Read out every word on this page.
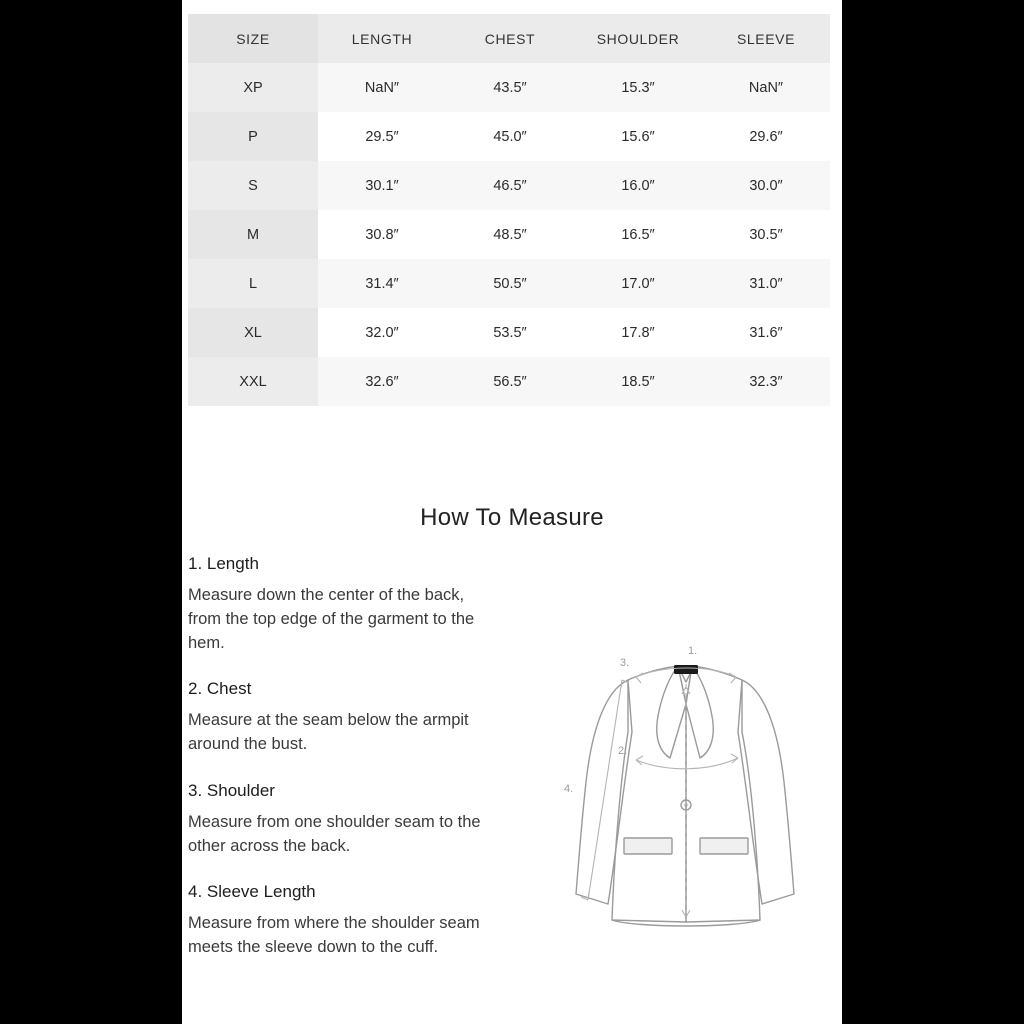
SIZE	LENGTH	CHEST	SHOULDER	SLEEVE
XP	NaN″	43.5″	15.3″	NaN″
P	29.5″	45.0″	15.6″	29.6″
S	30.1″	46.5″	16.0″	30.0″
M	30.8″	48.5″	16.5″	30.5″
L	31.4″	50.5″	17.0″	31.0″
XL	32.0″	53.5″	17.8″	31.6″
XXL	32.6″	56.5″	18.5″	32.3″
How To Measure
1. Length

Measure down the center of the back, from the top edge of the garment to the hem.

2. Chest

Measure at the seam below the armpit around the bust.

3. Shoulder

Measure from one shoulder seam to the other across the back.

4. Sleeve Length

Measure from where the shoulder seam meets the sleeve down to the cuff.

1.
2.
3.
4.
